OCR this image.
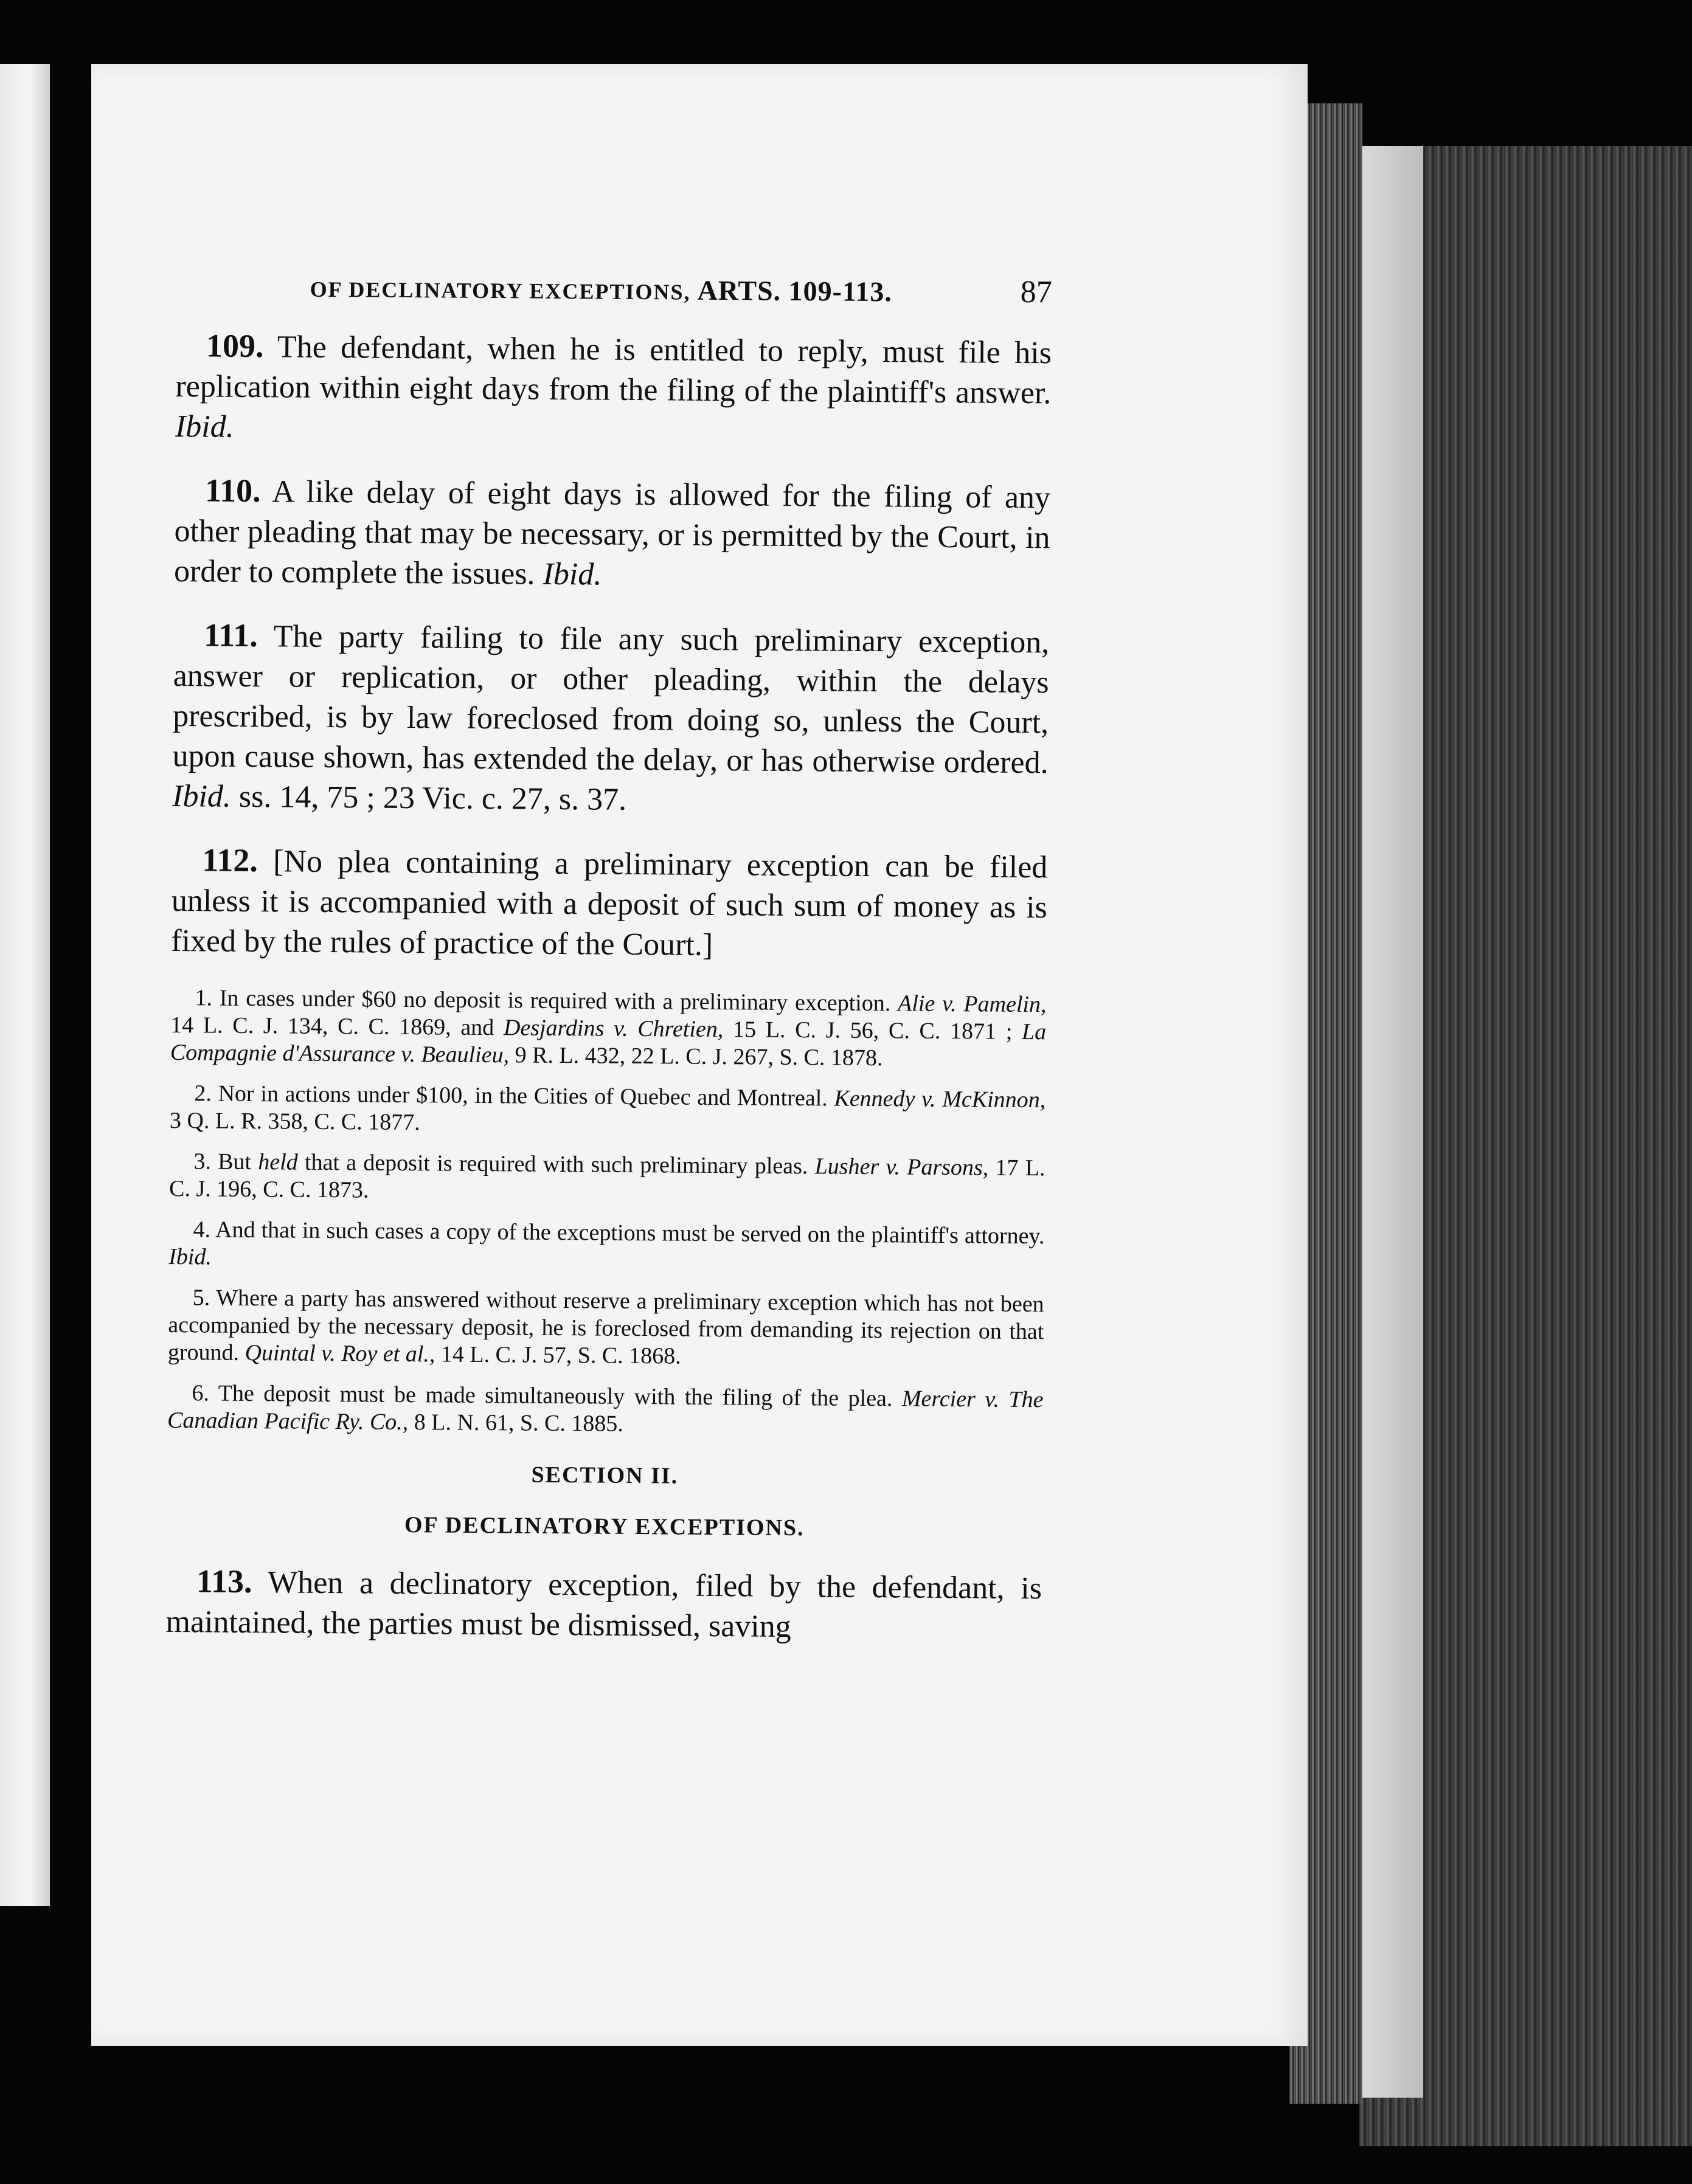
OF DECLINATORY EXCEPTIONS, ARTS. 109-113.	87

109. The defendant, when he is entitled to reply, must file his replication within eight days from the filing of the plaintiff's answer. Ibid.

110. A like delay of eight days is allowed for the filing of any other pleading that may be necessary, or is permitted by the Court, in order to complete the issues. Ibid.

111. The party failing to file any such preliminary exception, answer or replication, or other pleading, within the delays prescribed, is by law foreclosed from doing so, unless the Court, upon cause shown, has extended the delay, or has otherwise ordered. Ibid. ss. 14, 75 ; 23 Vic. c. 27, s. 37.

112. [No plea containing a preliminary exception can be filed unless it is accompanied with a deposit of such sum of money as is fixed by the rules of practice of the Court.]

1. In cases under $60 no deposit is required with a preliminary exception. Alie v. Pamelin, 14 L. C. J. 134, C. C. 1869, and Desjardins v. Chretien, 15 L. C. J. 56, C. C. 1871 ; La Compagnie d'Assurance v. Beaulieu, 9 R. L. 432, 22 L. C. J. 267, S. C. 1878.

2. Nor in actions under $100, in the Cities of Quebec and Montreal. Kennedy v. McKinnon, 3 Q. L. R. 358, C. C. 1877.

3. But held that a deposit is required with such preliminary pleas. Lusher v. Parsons, 17 L. C. J. 196, C. C. 1873.

4. And that in such cases a copy of the exceptions must be served on the plaintiff's attorney. Ibid.

5. Where a party has answered without reserve a preliminary exception which has not been accompanied by the necessary deposit, he is foreclosed from demanding its rejection on that ground. Quintal v. Roy et al., 14 L. C. J. 57, S. C. 1868.

6. The deposit must be made simultaneously with the filing of the plea. Mercier v. The Canadian Pacific Ry. Co., 8 L. N. 61, S. C. 1885.

SECTION II.
OF DECLINATORY EXCEPTIONS.

113. When a declinatory exception, filed by the defendant, is maintained, the parties must be dismissed, saving
